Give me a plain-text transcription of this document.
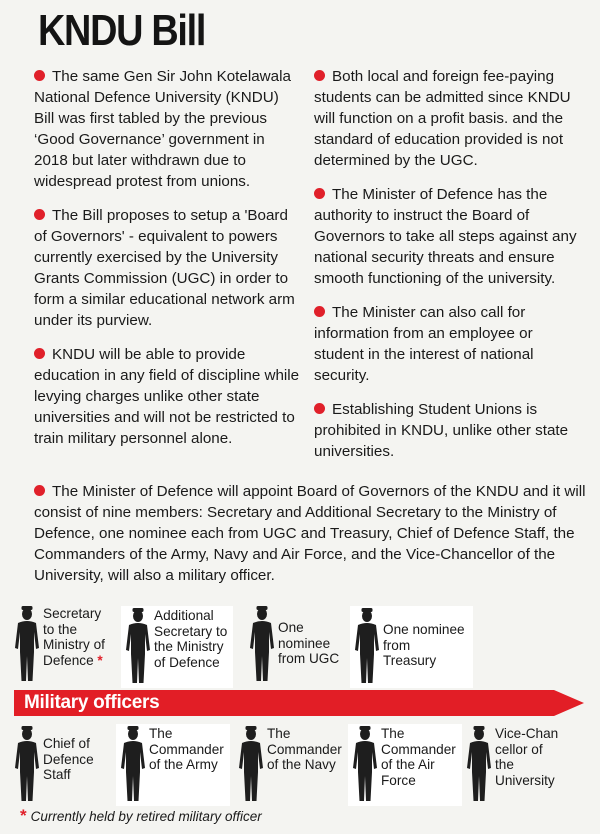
KNDU Bill

The same Gen Sir John Kotelawala National Defence University (KNDU) Bill was first tabled by the previous ‘Good Governance’ government in 2018 but later withdrawn due to widespread protest from unions.

The Bill proposes to setup a 'Board of Governors' - equivalent to powers currently exercised by the University Grants Commission (UGC) in order to form a similar educational network arm under its purview.

KNDU will be able to provide education in any field of discipline while levying charges unlike other state universities and will not be restricted to train military personnel alone.

Both local and foreign fee-paying students can be admitted since KNDU will function on a profit basis. and the standard of education provided is not determined by the UGC.

The Minister of Defence has the authority to instruct the Board of Governors to take all steps against any national security threats and ensure smooth functioning of the university.

The Minister can also call for information from an employee or student in the interest of national security.

Establishing Student Unions is prohibited in KNDU, unlike other state universities.

The Minister of Defence will appoint Board of Governors of the KNDU and it will consist of nine members: Secretary and Additional Secretary to the Ministry of Defence, one nominee each from UGC and Treasury, Chief of Defence Staff, the Commanders of the Army, Navy and Air Force, and the Vice-Chancellor of the University, will also a military officer.

Secretary
to the
Ministry of
Defence *
Additional
Secretary to
the Ministry
of Defence
One
nominee
from UGC
One nominee
from
Treasury
Military officers
Chief of
Defence
Staff
The
Commander
of the Army
The
Commander
of the Navy
The
Commander
of the Air
Force
Vice-Chan
cellor of
the
University
* Currently held by retired military officer
